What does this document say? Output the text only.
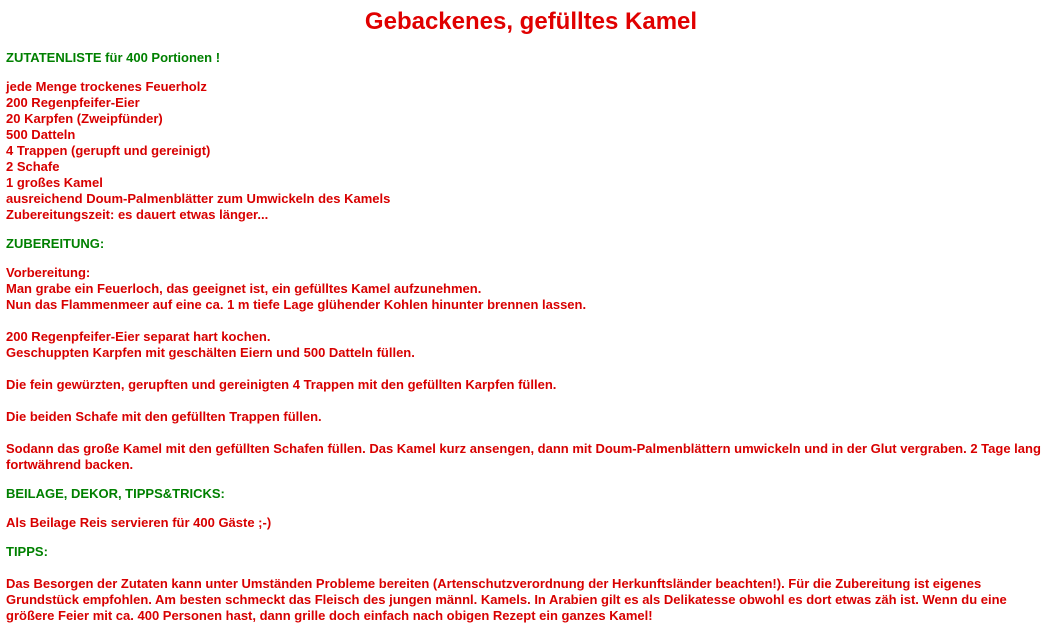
Gebackenes, gefülltes Kamel
ZUTATENLISTE für 400 Portionen !
jede Menge trockenes Feuerholz
200 Regenpfeifer-Eier
20 Karpfen (Zweipfünder)
500 Datteln
4 Trappen (gerupft und gereinigt)
2 Schafe
1 großes Kamel
ausreichend Doum-Palmenblätter zum Umwickeln des Kamels
Zubereitungszeit: es dauert etwas länger...
ZUBEREITUNG:
Vorbereitung:
Man grabe ein Feuerloch, das geeignet ist, ein gefülltes Kamel aufzunehmen.
Nun das Flammenmeer auf eine ca. 1 m tiefe Lage glühender Kohlen hinunter brennen lassen.
200 Regenpfeifer-Eier separat hart kochen.
Geschuppten Karpfen mit geschälten Eiern und 500 Datteln füllen.
Die fein gewürzten, gerupften und gereinigten 4 Trappen mit den gefüllten Karpfen füllen.
Die beiden Schafe mit den gefüllten Trappen füllen.
Sodann das große Kamel mit den gefüllten Schafen füllen. Das Kamel kurz ansengen, dann mit Doum-Palmenblättern umwickeln und in der Glut vergraben. 2 Tage lang fortwährend backen.
BEILAGE, DEKOR, TIPPS&TRICKS:
Als Beilage Reis servieren für 400 Gäste ;-)
TIPPS:
Das Besorgen der Zutaten kann unter Umständen Probleme bereiten (Artenschutzverordnung der Herkunftsländer beachten!). Für die Zubereitung ist eigenes Grundstück empfohlen. Am besten schmeckt das Fleisch des jungen männl. Kamels. In Arabien gilt es als Delikatesse obwohl es dort etwas zäh ist. Wenn du eine größere Feier mit ca. 400 Personen hast, dann grille doch einfach nach obigen Rezept ein ganzes Kamel!
